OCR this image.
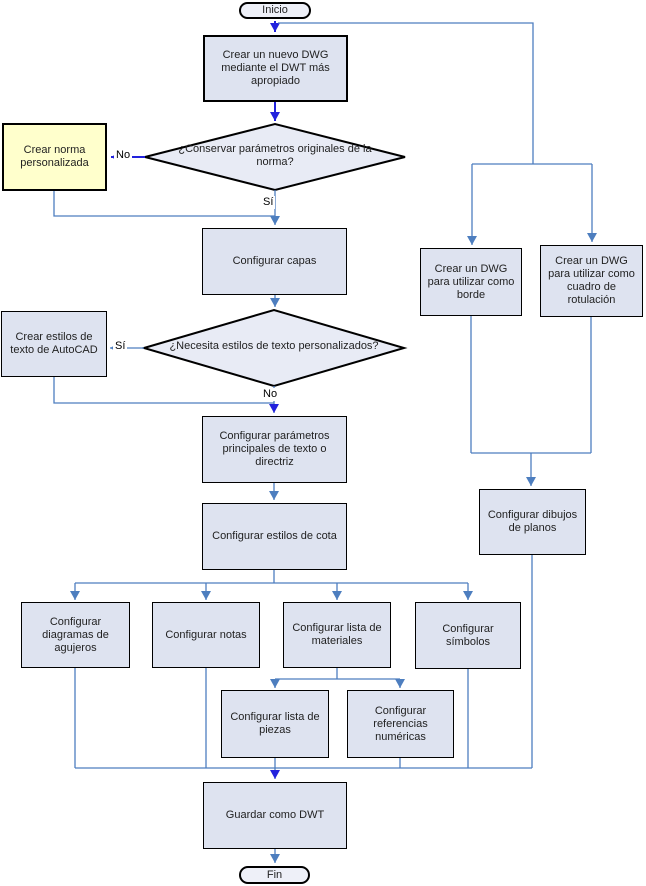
Inicio
Fin
Crear un nuevo DWG mediante el DWT más apropiado
Crear norma personalizada
Configurar capas
Crear estilos de texto de AutoCAD
Configurar parámetros principales de texto o directriz
Configurar estilos de cota
Configurar diagramas de agujeros
Configurar notas
Configurar lista de materiales
Configurar símbolos
Configurar lista de piezas
Configurar referencias numéricas
Crear un DWG para utilizar como borde
Crear un DWG para utilizar como cuadro de rotulación
Configurar dibujos de planos
Guardar como DWT
¿Conservar parámetros originales de la norma?
¿Necesita estilos de texto personalizados?
No
Sí
Sí
No
